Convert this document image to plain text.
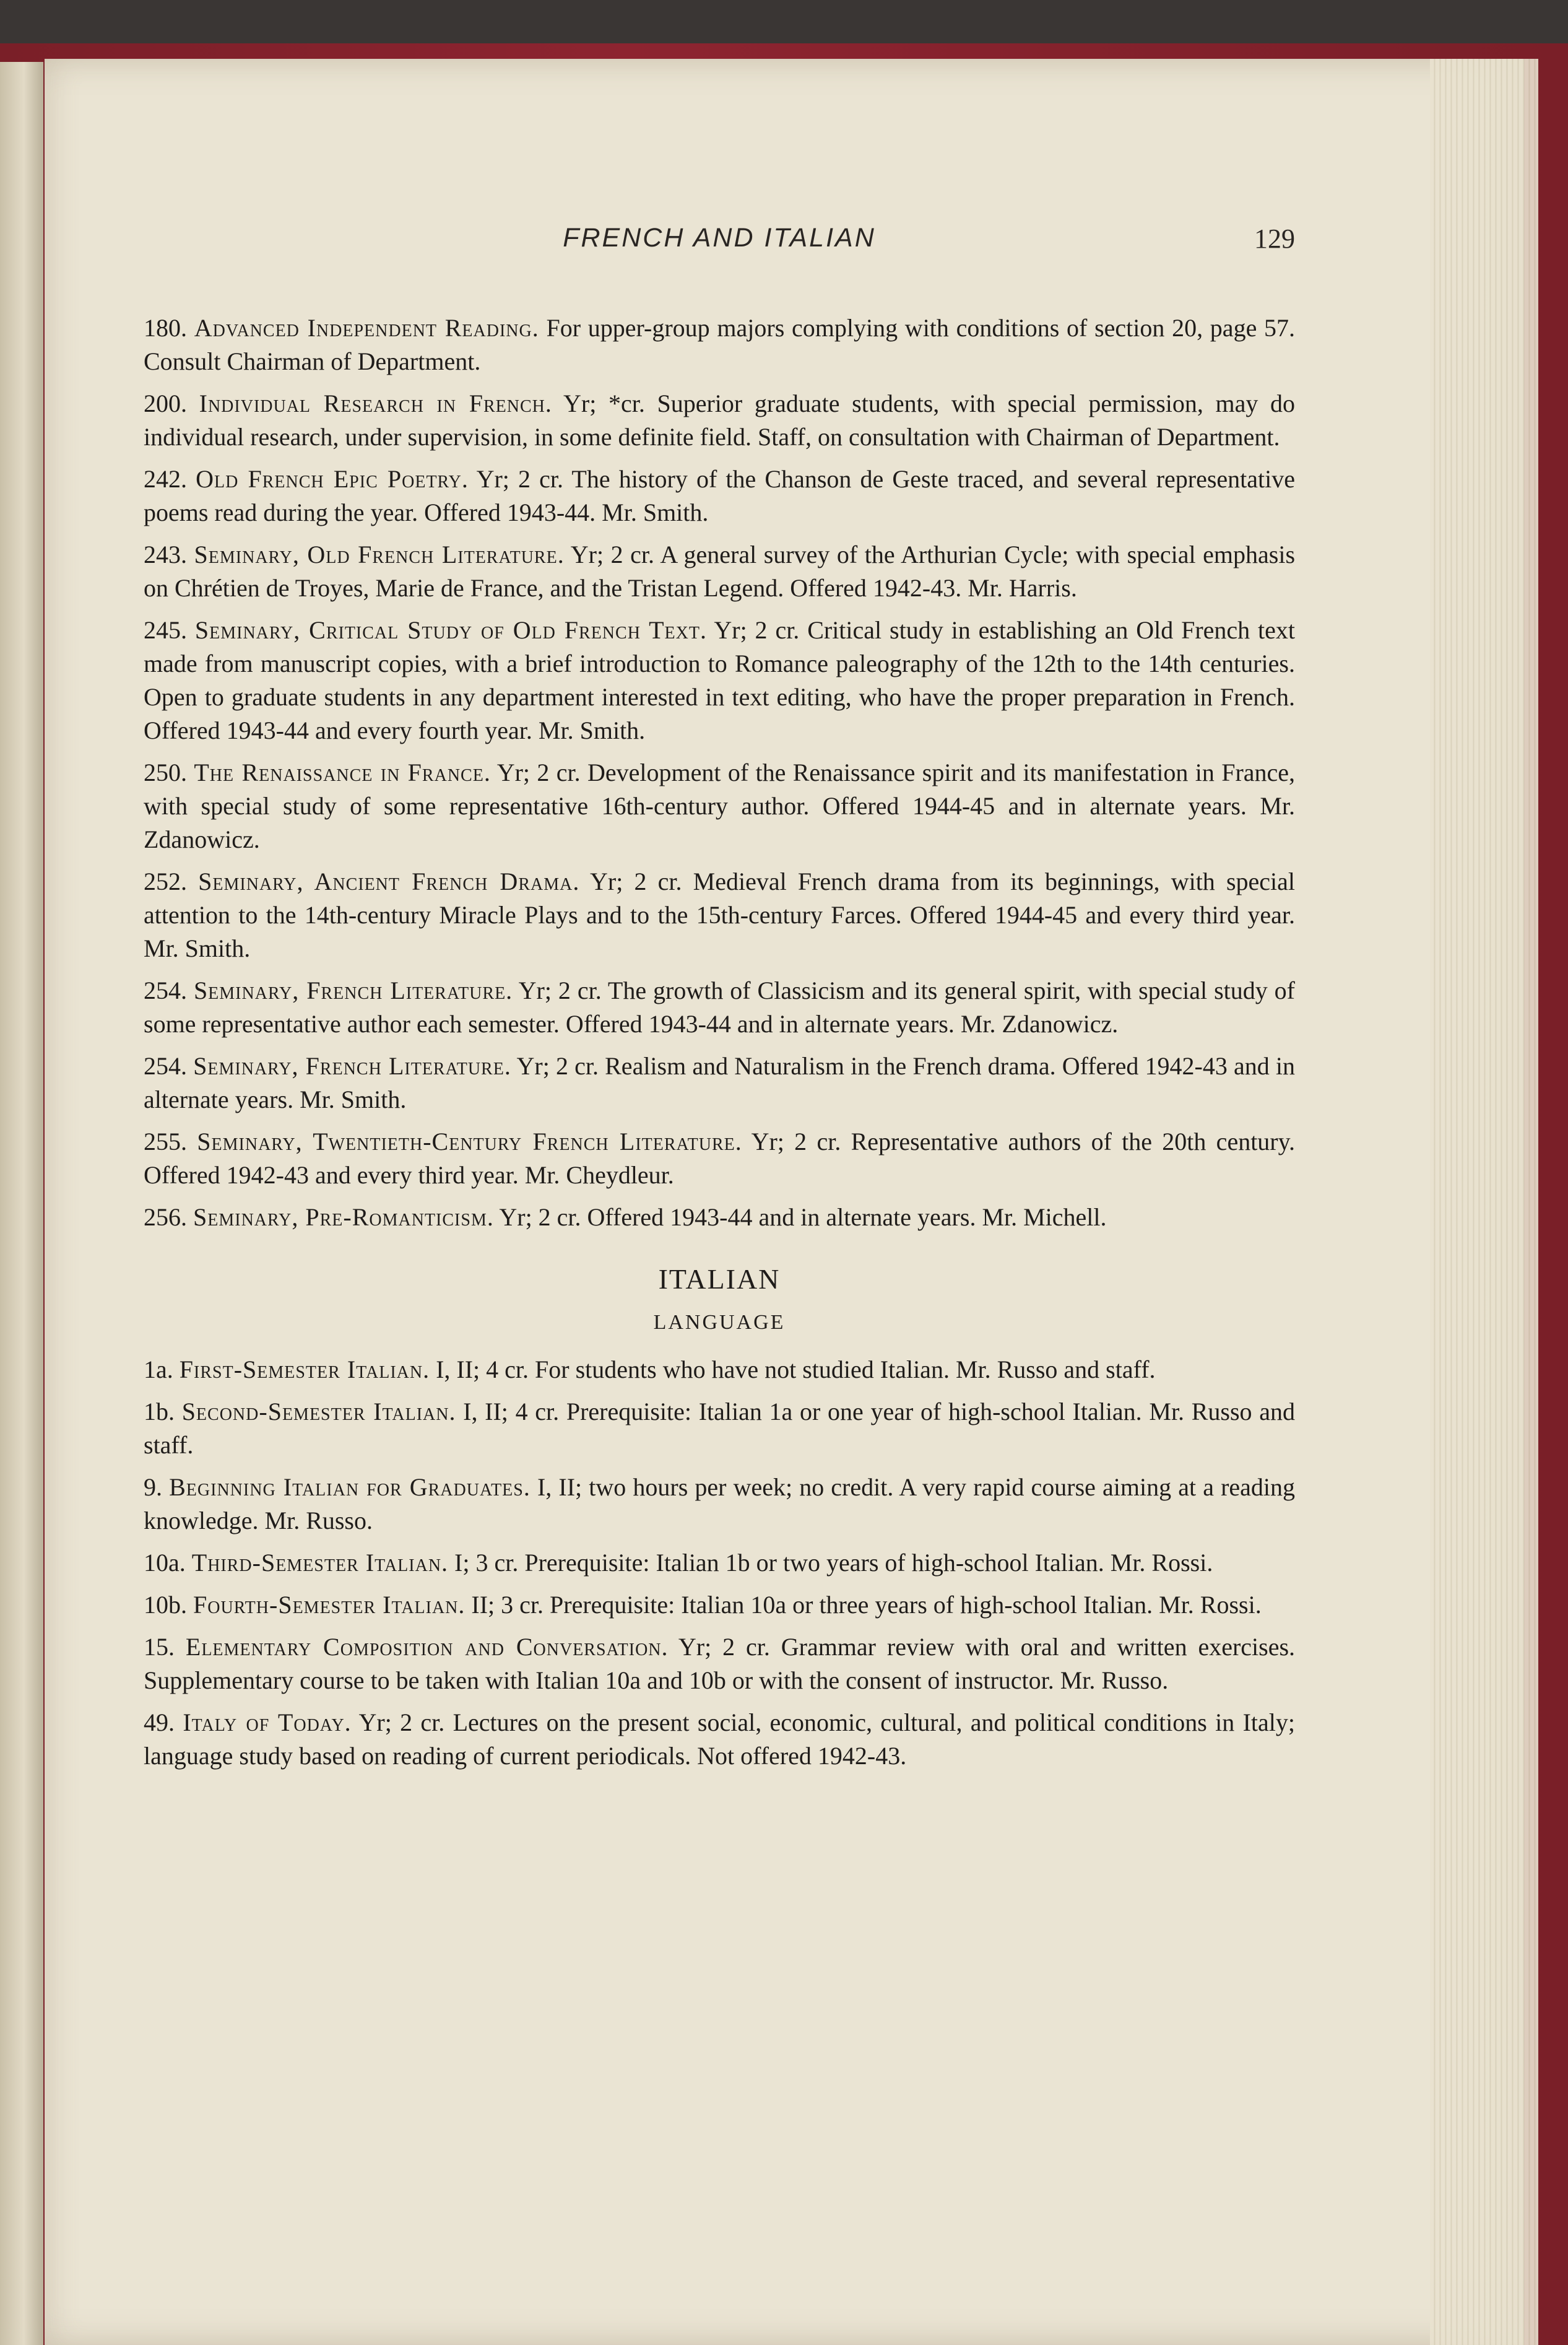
FRENCH AND ITALIAN	129

180. Advanced Independent Reading. For upper-group majors complying with conditions of section 20, page 57. Consult Chairman of Department.

200. Individual Research in French. Yr; *cr. Superior graduate students, with special permission, may do individual research, under supervision, in some definite field. Staff, on consultation with Chairman of Department.

242. Old French Epic Poetry. Yr; 2 cr. The history of the Chanson de Geste traced, and several representative poems read during the year. Offered 1943-44. Mr. Smith.

243. Seminary, Old French Literature. Yr; 2 cr. A general survey of the Arthurian Cycle; with special emphasis on Chrétien de Troyes, Marie de France, and the Tristan Legend. Offered 1942-43. Mr. Harris.

245. Seminary, Critical Study of Old French Text. Yr; 2 cr. Critical study in establishing an Old French text made from manuscript copies, with a brief introduction to Romance paleography of the 12th to the 14th centuries. Open to graduate students in any department interested in text editing, who have the proper preparation in French. Offered 1943-44 and every fourth year. Mr. Smith.

250. The Renaissance in France. Yr; 2 cr. Development of the Renaissance spirit and its manifestation in France, with special study of some representative 16th-century author. Offered 1944-45 and in alternate years. Mr. Zdanowicz.

252. Seminary, Ancient French Drama. Yr; 2 cr. Medieval French drama from its beginnings, with special attention to the 14th-century Miracle Plays and to the 15th-century Farces. Offered 1944-45 and every third year. Mr. Smith.

254. Seminary, French Literature. Yr; 2 cr. The growth of Classicism and its general spirit, with special study of some representative author each semester. Offered 1943-44 and in alternate years. Mr. Zdanowicz.

254. Seminary, French Literature. Yr; 2 cr. Realism and Naturalism in the French drama. Offered 1942-43 and in alternate years. Mr. Smith.

255. Seminary, Twentieth-Century French Literature. Yr; 2 cr. Representative authors of the 20th century. Offered 1942-43 and every third year. Mr. Cheydleur.

256. Seminary, Pre-Romanticism. Yr; 2 cr. Offered 1943-44 and in alternate years. Mr. Michell.

ITALIAN
LANGUAGE

1a. First-Semester Italian. I, II; 4 cr. For students who have not studied Italian. Mr. Russo and staff.

1b. Second-Semester Italian. I, II; 4 cr. Prerequisite: Italian 1a or one year of high-school Italian. Mr. Russo and staff.

9. Beginning Italian for Graduates. I, II; two hours per week; no credit. A very rapid course aiming at a reading knowledge. Mr. Russo.

10a. Third-Semester Italian. I; 3 cr. Prerequisite: Italian 1b or two years of high-school Italian. Mr. Rossi.

10b. Fourth-Semester Italian. II; 3 cr. Prerequisite: Italian 10a or three years of high-school Italian. Mr. Rossi.

15. Elementary Composition and Conversation. Yr; 2 cr. Grammar review with oral and written exercises. Supplementary course to be taken with Italian 10a and 10b or with the consent of instructor. Mr. Russo.

49. Italy of Today. Yr; 2 cr. Lectures on the present social, economic, cultural, and political conditions in Italy; language study based on reading of current periodicals. Not offered 1942-43.
